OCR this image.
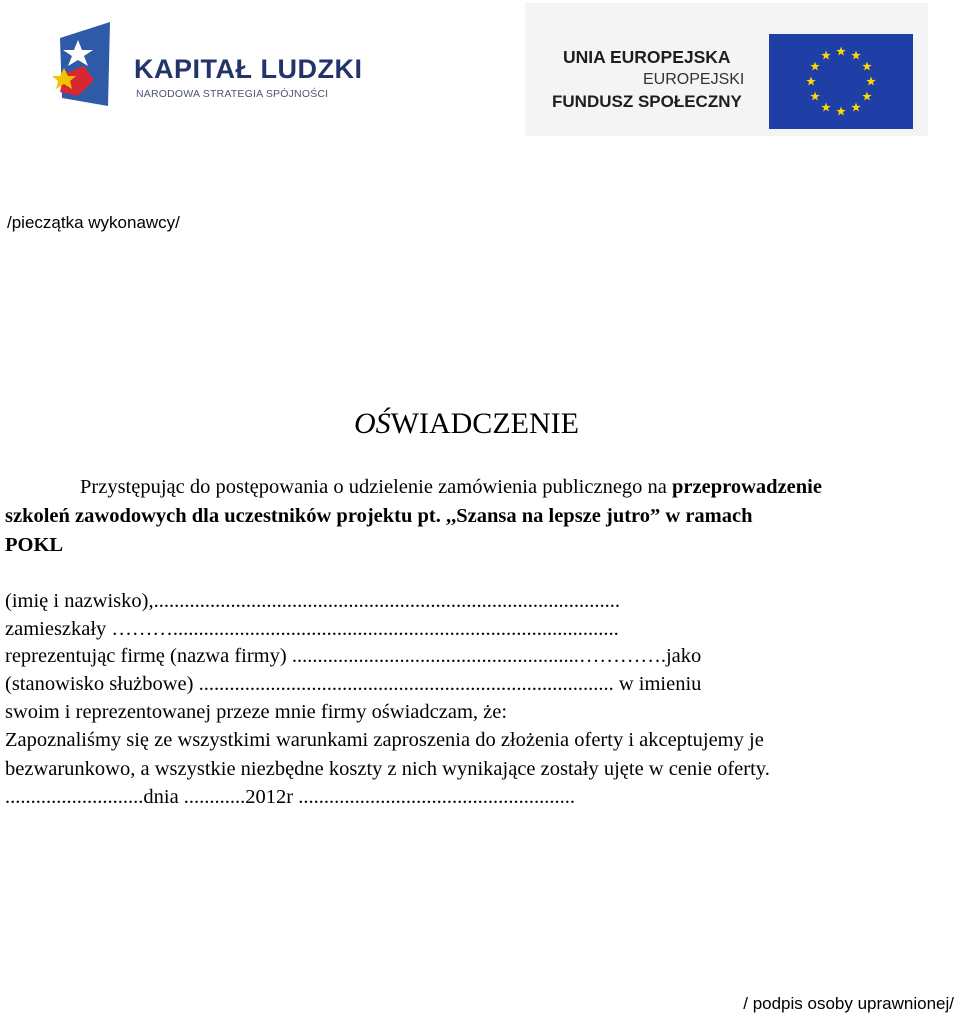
KAPITAŁ LUDZKI
NARODOWA STRATEGIA SPÓJNOŚCI
UNIA EUROPEJSKA
EUROPEJSKI
FUNDUSZ SPOŁECZNY
/pieczątka wykonawcy/
OŚWIADCZENIE
Przystępując do postępowania o udzielenie zamówienia publicznego na przeprowadzenie
szkoleń zawodowych dla uczestników projektu pt. ,,Szansa na lepsze jutro” w ramach
POKL
(imię i nazwisko),...........................................................................................
zamieszkały ……….......................................................................................
reprezentując firmę (nazwa firmy) ........................................................………….jako
(stanowisko służbowe) ................................................................................. w imieniu
swoim i reprezentowanej przeze mnie firmy oświadczam, że:
Zapoznaliśmy się ze wszystkimi warunkami zaproszenia do złożenia oferty i akceptujemy je
bezwarunkowo, a wszystkie niezbędne koszty z nich wynikające zostały ujęte w cenie oferty.
...........................dnia ............2012r ......................................................
/ podpis osoby uprawnionej/
